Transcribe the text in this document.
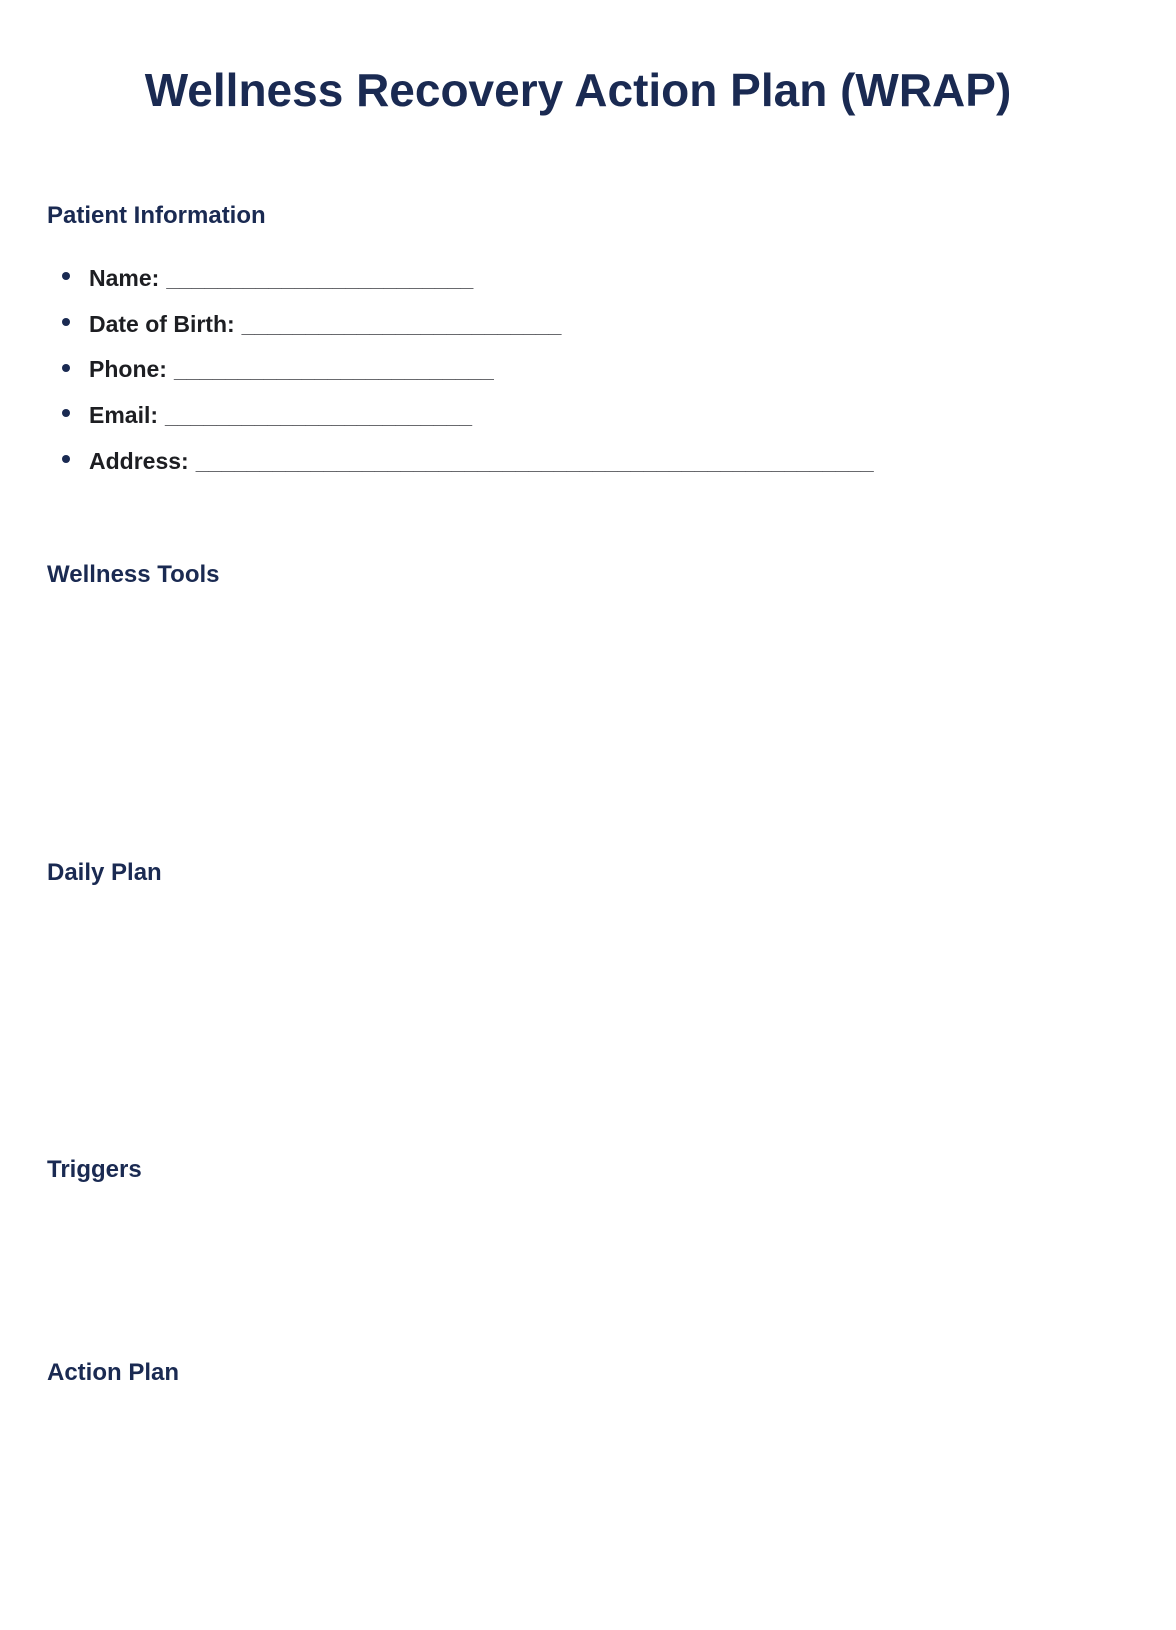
Wellness Recovery Action Plan (WRAP)
Patient Information
Name: ________________________
Date of Birth: _________________________
Phone: _________________________
Email: ________________________
Address: _____________________________________________________
Wellness Tools
Daily Plan
Triggers
Action Plan
